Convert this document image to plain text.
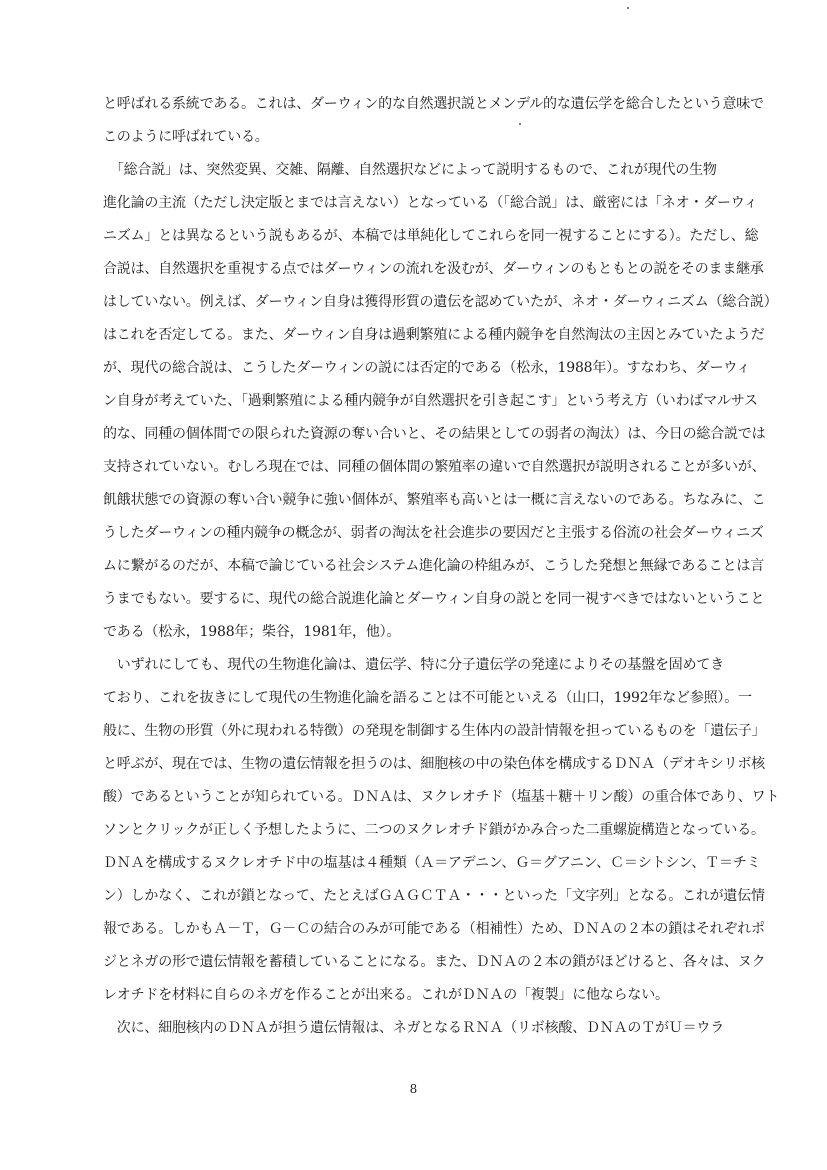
と呼ばれる系統である。これは、ダーウィン的な自然選択説とメンデル的な遺伝学を総合したという意味で
このように呼ばれている。
　「総合説」は、突然変異、交雑、隔離、自然選択などによって説明するもので、これが現代の生物
進化論の主流（ただし決定版とまでは言えない）となっている（「総合説」は、厳密には「ネオ・ダーウィ
ニズム」とは異なるという説もあるが、本稿では単純化してこれらを同一視することにする）。ただし、総
合説は、自然選択を重視する点ではダーウィンの流れを汲むが、ダーウィンのもともとの説をそのまま継承
はしていない。例えば、ダーウィン自身は獲得形質の遺伝を認めていたが、ネオ・ダーウィニズム（総合説）
はこれを否定してる。また、ダーウィン自身は過剰繁殖による種内競争を自然淘汰の主因とみていたようだ
が、現代の総合説は、こうしたダーウィンの説には否定的である（松永，1988年）。すなわち、ダーウィ
ン自身が考えていた、「過剰繁殖による種内競争が自然選択を引き起こす」という考え方（いわばマルサス
的な、同種の個体間での限られた資源の奪い合いと、その結果としての弱者の淘汰）は、今日の総合説では
支持されていない。むしろ現在では、同種の個体間の繁殖率の違いで自然選択が説明されることが多いが、
飢餓状態での資源の奪い合い競争に強い個体が、繁殖率も高いとは一概に言えないのである。ちなみに、こ
うしたダーウィンの種内競争の概念が、弱者の淘汰を社会進歩の要因だと主張する俗流の社会ダーウィニズ
ムに繋がるのだが、本稿で論じている社会システム進化論の枠組みが、こうした発想と無縁であることは言
うまでもない。要するに、現代の総合説進化論とダーウィン自身の説とを同一視すべきではないということ
である（松永，1988年；柴谷，1981年，他）。
　いずれにしても、現代の生物進化論は、遺伝学、特に分子遺伝学の発達によりその基盤を固めてき
ており、これを抜きにして現代の生物進化論を語ることは不可能といえる（山口，1992年など参照）。一
般に、生物の形質（外に現われる特徴）の発現を制御する生体内の設計情報を担っているものを「遺伝子」
と呼ぶが、現在では、生物の遺伝情報を担うのは、細胞核の中の染色体を構成するＤＮＡ（デオキシリボ核
酸）であるということが知られている。ＤＮＡは、ヌクレオチド（塩基＋糖＋リン酸）の重合体であり、ワト
ソンとクリックが正しく予想したように、二つのヌクレオチド鎖がかみ合った二重螺旋構造となっている。
ＤＮＡを構成するヌクレオチド中の塩基は４種類（Ａ＝アデニン、Ｇ＝グアニン、Ｃ＝シトシン、Ｔ＝チミ
ン）しかなく、これが鎖となって、たとえばＧＡＧＣＴＡ・・・といった「文字列」となる。これが遺伝情
報である。しかもＡ－Ｔ，Ｇ－Ｃの結合のみが可能である（相補性）ため、ＤＮＡの２本の鎖はそれぞれポ
ジとネガの形で遺伝情報を蓄積していることになる。また、ＤＮＡの２本の鎖がほどけると、各々は、ヌク
レオチドを材料に自らのネガを作ることが出来る。これがＤＮＡの「複製」に他ならない。
　次に、細胞核内のＤＮＡが担う遺伝情報は、ネガとなるＲＮＡ（リボ核酸、ＤＮＡのＴがＵ＝ウラ
8
